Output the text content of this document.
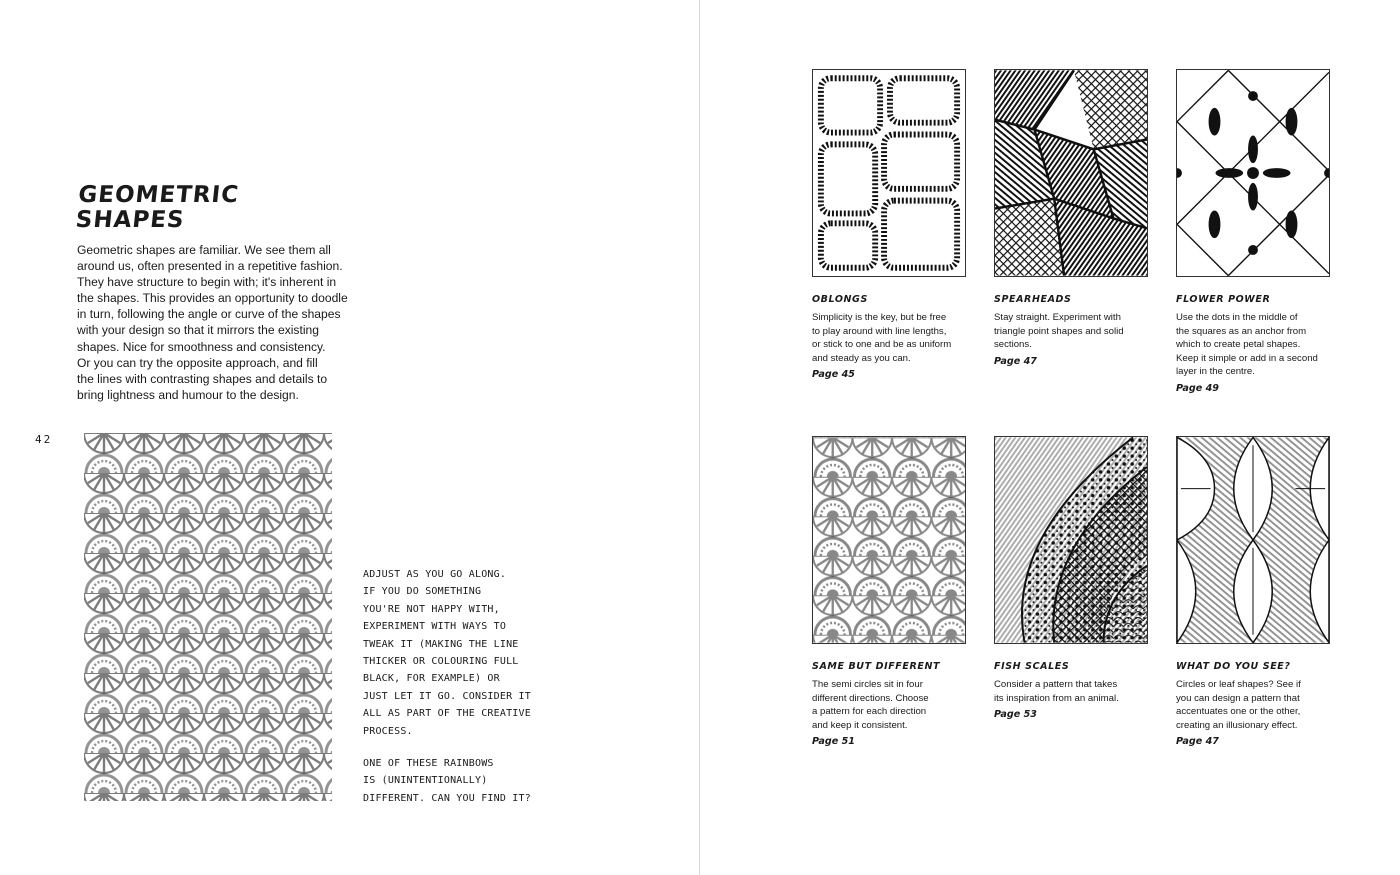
GEOMETRIC
SHAPES

Geometric shapes are familiar. We see them all
around us, often presented in a repetitive fashion.
They have structure to begin with; it's inherent in
the shapes. This provides an opportunity to doodle
in turn, following the angle or curve of the shapes
with your design so that it mirrors the existing
shapes. Nice for smoothness and consistency.
Or you can try the opposite approach, and fill
the lines with contrasting shapes and details to
bring lightness and humour to the design.

42

ADJUST AS YOU GO ALONG.
IF YOU DO SOMETHING
YOU'RE NOT HAPPY WITH,
EXPERIMENT WITH WAYS TO
TWEAK IT (MAKING THE LINE
THICKER OR COLOURING FULL
BLACK, FOR EXAMPLE) OR
JUST LET IT GO. CONSIDER IT
ALL AS PART OF THE CREATIVE
PROCESS.

ONE OF THESE RAINBOWS
IS (UNINTENTIONALLY)
DIFFERENT. CAN YOU FIND IT?

OBLONGS

Simplicity is the key, but be free
to play around with line lengths,
or stick to one and be as uniform
and steady as you can.

Page 45
SPEARHEADS

Stay straight. Experiment with
triangle point shapes and solid
sections.

Page 47
FLOWER POWER

Use the dots in the middle of
the squares as an anchor from
which to create petal shapes.
Keep it simple or add in a second
layer in the centre.

Page 49
SAME BUT DIFFERENT

The semi circles sit in four
different directions. Choose
a pattern for each direction
and keep it consistent.

Page 51
FISH SCALES

Consider a pattern that takes
its inspiration from an animal.

Page 53
WHAT DO YOU SEE?

Circles or leaf shapes? See if
you can design a pattern that
accentuates one or the other,
creating an illusionary effect.

Page 47
